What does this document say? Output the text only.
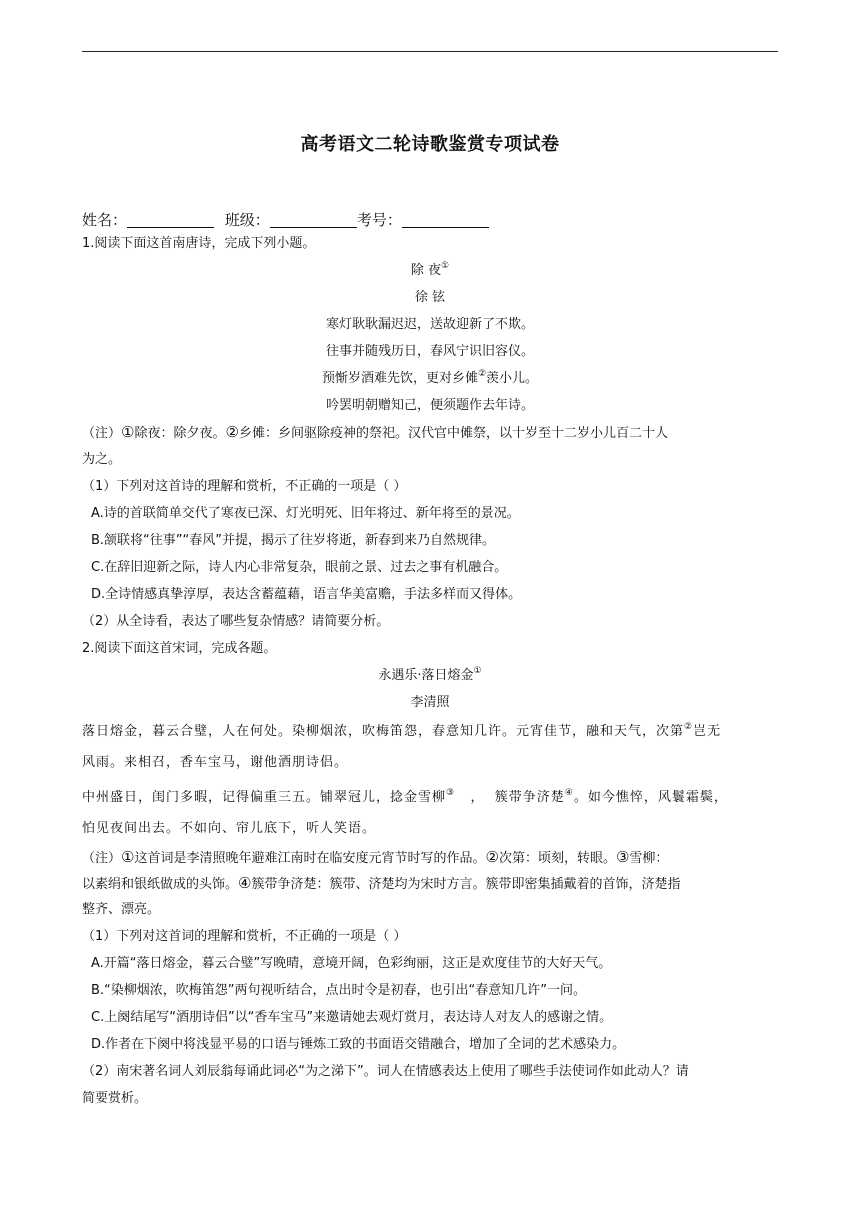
高考语文二轮诗歌鉴赏专项试卷
姓名：	班级：	考号：

1.阅读下面这首南唐诗，完成下列小题。

除 夜①

徐 铉

寒灯耿耿漏迟迟，送故迎新了不欺。

往事并随残历日，春风宁识旧容仪。

预惭岁酒难先饮，更对乡傩②羡小儿。

吟罢明朝赠知己，便须题作去年诗。

（注）①除夜：除夕夜。②乡傩：乡间驱除疫神的祭祀。汉代官中傩祭，以十岁至十二岁小儿百二十人

为之。

（1）下列对这首诗的理解和赏析，不正确的一项是（ ）

A.诗的首联简单交代了寒夜已深、灯光明死、旧年将过、新年将至的景况。

B.颔联将“往事”“春风”并提，揭示了往岁将逝，新春到来乃自然规律。

C.在辞旧迎新之际，诗人内心非常复杂，眼前之景、过去之事有机融合。

D.全诗情感真挚淳厚，表达含蓄蕴藉，语言华美富赡，手法多样而又得体。

（2）从全诗看，表达了哪些复杂情感？请简要分析。

2.阅读下面这首宋词，完成各题。

永遇乐·落日熔金①

李清照

落日熔金，暮云合璧，人在何处。染柳烟浓，吹梅笛怨，春意知几许。元宵佳节，融和天气，次第②岂无
风雨。来相召，香车宝马，谢他酒朋诗侣。

中州盛日，闺门多暇，记得偏重三五。铺翠冠儿，捻金雪柳③   ，  簇带争济楚④。如今憔悴，风鬟霜鬓，
怕见夜间出去。不如向、帘儿底下，听人笑语。

（注）①这首词是李清照晚年避难江南时在临安度元宵节时写的作品。②次第：顷刻，转眼。③雪柳：
以素绢和银纸做成的头饰。④簇带争济楚：簇带、济楚均为宋时方言。簇带即密集插戴着的首饰，济楚指
整齐、漂亮。

（1）下列对这首词的理解和赏析，不正确的一项是（ ）

A.开篇“落日熔金，暮云合璧”写晚晴，意境开阔，色彩绚丽，这正是欢度佳节的大好天气。

B.“染柳烟浓，吹梅笛怨”两句视听结合，点出时令是初春，也引出“春意知几许”一问。

C.上阕结尾写“酒朋诗侣”以“香车宝马”来邀请她去观灯赏月，表达诗人对友人的感谢之情。

D.作者在下阕中将浅显平易的口语与锤炼工致的书面语交错融合，增加了全词的艺术感染力。

（2）南宋著名词人刘辰翁每诵此词必“为之涕下”。词人在情感表达上使用了哪些手法使词作如此动人？请

简要赏析。
